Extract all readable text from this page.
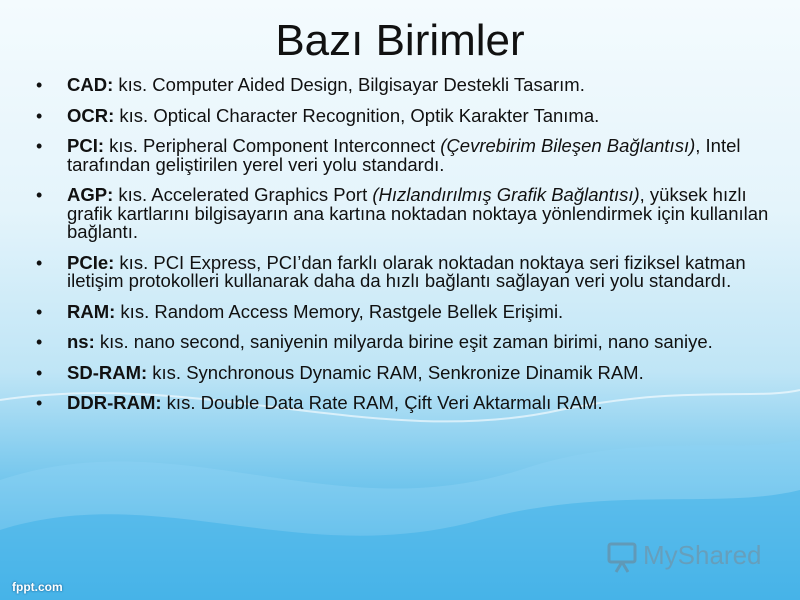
Bazı Birimler
• CAD: kıs. Computer Aided Design, Bilgisayar Destekli Tasarım.
• OCR: kıs. Optical Character Recognition, Optik Karakter Tanıma.
• PCI: kıs. Peripheral Component Interconnect (Çevrebirim Bileşen Bağlantısı), Intel tarafından geliştirilen yerel veri yolu standardı.
• AGP: kıs. Accelerated Graphics Port (Hızlandırılmış Grafik Bağlantısı), yüksek hızlı grafik kartlarını bilgisayarın ana kartına noktadan noktaya yönlendirmek için kullanılan bağlantı.
• PCIe: kıs. PCI Express, PCI’dan farklı olarak noktadan noktaya seri fiziksel katman iletişim protokolleri kullanarak daha da hızlı bağlantı sağlayan veri yolu standardı.
• RAM: kıs. Random Access Memory, Rastgele Bellek Erişimi.
• ns: kıs. nano second, saniyenin milyarda birine eşit zaman birimi, nano saniye.
• SD-RAM: kıs. Synchronous Dynamic RAM, Senkronize Dinamik RAM.
• DDR-RAM: kıs. Double Data Rate RAM, Çift Veri Aktarmalı RAM.
MyShared
fppt.com
